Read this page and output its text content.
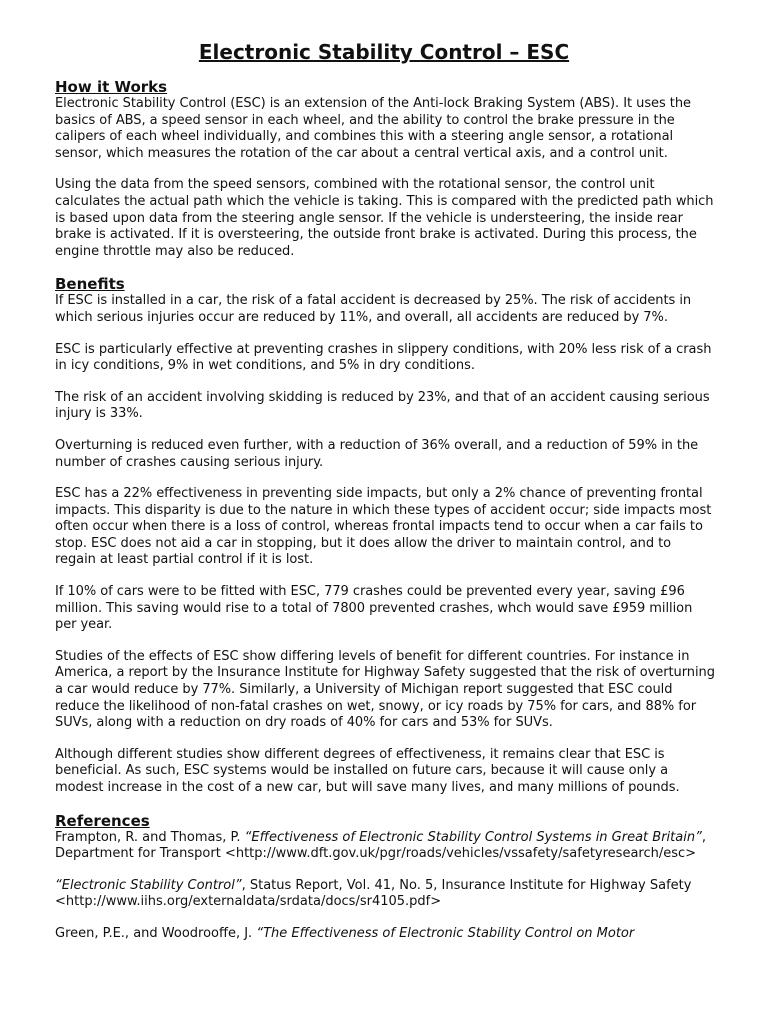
Electronic Stability Control – ESC
How it Works

Electronic Stability Control (ESC) is an extension of the Anti-lock Braking System (ABS). It uses the basics of ABS, a speed sensor in each wheel, and the ability to control the brake pressure in the calipers of each wheel individually, and combines this with a steering angle sensor, a rotational sensor, which measures the rotation of the car about a central vertical axis, and a control unit.

Using the data from the speed sensors, combined with the rotational sensor, the control unit calculates the actual path which the vehicle is taking. This is compared with the predicted path which is based upon data from the steering angle sensor. If the vehicle is understeering, the inside rear brake is activated. If it is oversteering, the outside front brake is activated. During this process, the engine throttle may also be reduced.

Benefits

If ESC is installed in a car, the risk of a fatal accident is decreased by 25%. The risk of accidents in which serious injuries occur are reduced by 11%, and overall, all accidents are reduced by 7%.

ESC is particularly effective at preventing crashes in slippery conditions, with 20% less risk of a crash in icy conditions, 9% in wet conditions, and 5% in dry conditions.

The risk of an accident involving skidding is reduced by 23%, and that of an accident causing serious injury is 33%.

Overturning is reduced even further, with a reduction of 36% overall, and a reduction of 59% in the number of crashes causing serious injury.

ESC has a 22% effectiveness in preventing side impacts, but only a 2% chance of preventing frontal impacts. This disparity is due to the nature in which these types of accident occur; side impacts most often occur when there is a loss of control, whereas frontal impacts tend to occur when a car fails to stop. ESC does not aid a car in stopping, but it does allow the driver to maintain control, and to regain at least partial control if it is lost.

If 10% of cars were to be fitted with ESC, 779 crashes could be prevented every year, saving £96 million. This saving would rise to a total of 7800 prevented crashes, whch would save £959 million per year.

Studies of the effects of ESC show differing levels of benefit for different countries. For instance in America, a report by the Insurance Institute for Highway Safety suggested that the risk of overturning a car would reduce by 77%. Similarly, a University of Michigan report suggested that ESC could reduce the likelihood of non-fatal crashes on wet, snowy, or icy roads by 75% for cars, and 88% for SUVs, along with a reduction on dry roads of 40% for cars and 53% for SUVs.

Although different studies show different degrees of effectiveness, it remains clear that ESC is beneficial. As such, ESC systems would be installed on future cars, because it will cause only a modest increase in the cost of a new car, but will save many lives, and many millions of pounds.

References

Frampton, R. and Thomas, P. “Effectiveness of Electronic Stability Control Systems in Great Britain”, Department for Transport <http://www.dft.gov.uk/pgr/roads/vehicles/vssafety/safetyresearch/esc>

“Electronic Stability Control”, Status Report, Vol. 41, No. 5, Insurance Institute for Highway Safety <http://www.iihs.org/externaldata/srdata/docs/sr4105.pdf>

Green, P.E., and Woodrooffe, J. “The Effectiveness of Electronic Stability Control on Motor
